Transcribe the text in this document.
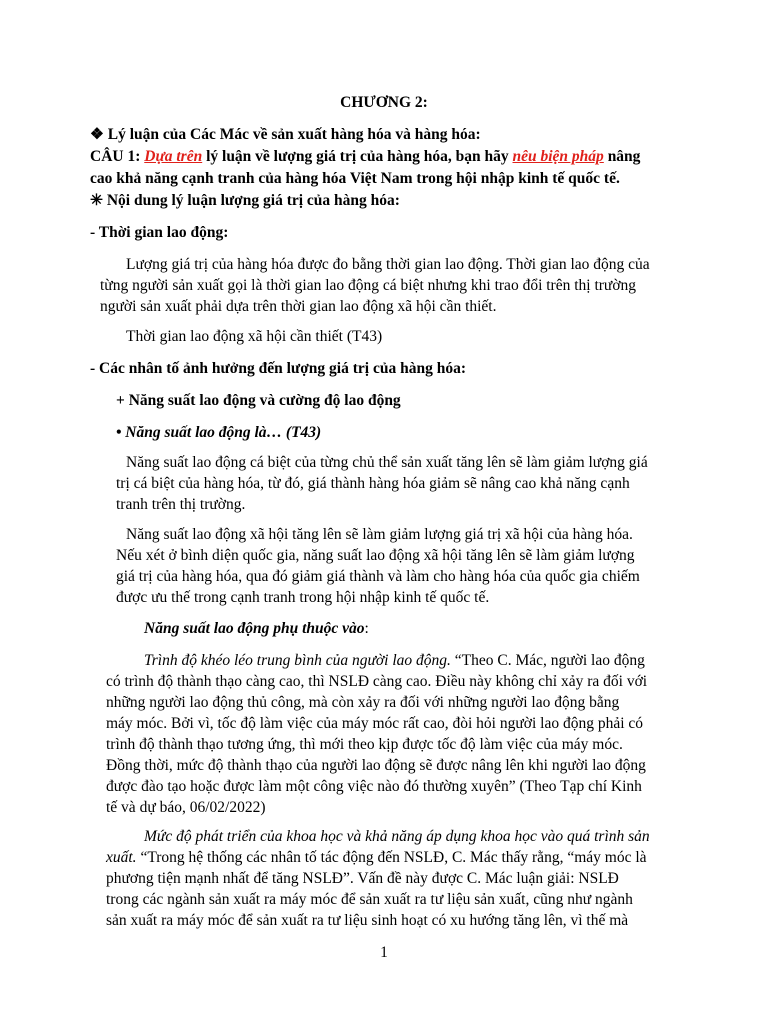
CHƯƠNG 2:
❖ Lý luận của Các Mác về sản xuất hàng hóa và hàng hóa:
CÂU 1: Dựa trên lý luận về lượng giá trị của hàng hóa, bạn hãy nêu biện pháp nâng
cao khả năng cạnh tranh của hàng hóa Việt Nam trong hội nhập kinh tế quốc tế.
✳ Nội dung lý luận lượng giá trị của hàng hóa:
- Thời gian lao động:
Lượng giá trị của hàng hóa được đo bằng thời gian lao động. Thời gian lao động của
từng người sản xuất gọi là thời gian lao động cá biệt nhưng khi trao đổi trên thị trường
người sản xuất phải dựa trên thời gian lao động xã hội cần thiết.
Thời gian lao động xã hội cần thiết (T43)
- Các nhân tố ảnh hưởng đến lượng giá trị của hàng hóa:
+ Năng suất lao động và cường độ lao động
• Năng suất lao động là… (T43)
Năng suất lao động cá biệt của từng chủ thể sản xuất tăng lên sẽ làm giảm lượng giá
trị cá biệt của hàng hóa, từ đó, giá thành hàng hóa giảm sẽ nâng cao khả năng cạnh
tranh trên thị trường.
Năng suất lao động xã hội tăng lên sẽ làm giảm lượng giá trị xã hội của hàng hóa.
Nếu xét ở bình diện quốc gia, năng suất lao động xã hội tăng lên sẽ làm giảm lượng
giá trị của hàng hóa, qua đó giảm giá thành và làm cho hàng hóa của quốc gia chiếm
được ưu thế trong cạnh tranh trong hội nhập kinh tế quốc tế.
Năng suất lao động phụ thuộc vào:
Trình độ khéo léo trung bình của người lao động. “Theo C. Mác, người lao động
có trình độ thành thạo càng cao, thì NSLĐ càng cao. Điều này không chỉ xảy ra đối với
những người lao động thủ công, mà còn xảy ra đối với những người lao động bằng
máy móc. Bởi vì, tốc độ làm việc của máy móc rất cao, đòi hỏi người lao động phải có
trình độ thành thạo tương ứng, thì mới theo kịp được tốc độ làm việc của máy móc.
Đồng thời, mức độ thành thạo của người lao động sẽ được nâng lên khi người lao động
được đào tạo hoặc được làm một công việc nào đó thường xuyên” (Theo Tạp chí Kinh
tế và dự báo, 06/02/2022)
Mức độ phát triển của khoa học và khả năng áp dụng khoa học vào quá trình sản
xuất. “Trong hệ thống các nhân tố tác động đến NSLĐ, C. Mác thấy rằng, “máy móc là
phương tiện mạnh nhất để tăng NSLĐ”. Vấn đề này được C. Mác luận giải: NSLĐ
trong các ngành sản xuất ra máy móc để sản xuất ra tư liệu sản xuất, cũng như ngành
sản xuất ra máy móc để sản xuất ra tư liệu sinh hoạt có xu hướng tăng lên, vì thế mà
1
